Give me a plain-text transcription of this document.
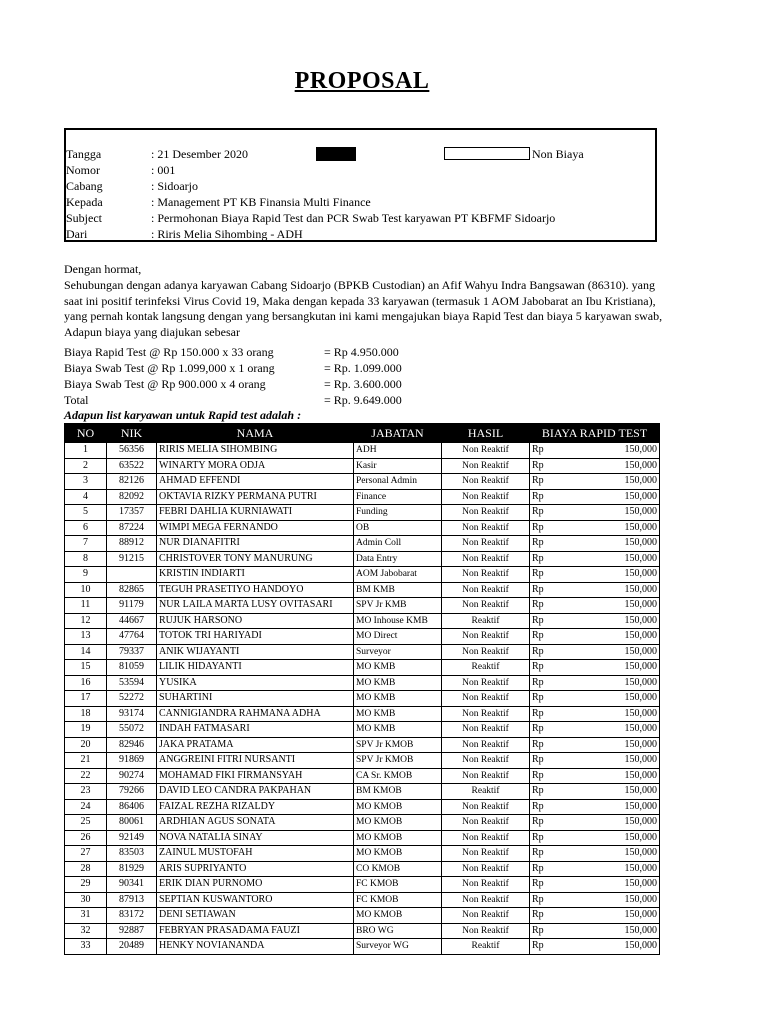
PROPOSAL
Tangga	: 21 Desember 2020	Non Biaya
Nomor	: 001
Cabang	: Sidoarjo
Kepada	: Management PT KB Finansia Multi Finance
Subject	: Permohonan Biaya Rapid Test dan PCR Swab Test karyawan PT KBFMF Sidoarjo
Dari	: Riris Melia Sihombing - ADH
Dengan hormat,
Sehubungan dengan adanya karyawan Cabang Sidoarjo (BPKB Custodian) an Afif Wahyu Indra Bangsawan (86310). yang saat ini positif terinfeksi Virus Covid 19, Maka dengan kepada 33 karyawan (termasuk 1 AOM Jabobarat an Ibu Kristiana), yang pernah kontak langsung dengan yang bersangkutan ini kami mengajukan biaya Rapid Test dan biaya 5 karyawan swab, Adapun biaya yang diajukan sebesar
Biaya Rapid Test @ Rp 150.000 x 33 orang	= Rp 4.950.000
Biaya Swab Test @ Rp 1.099,000 x 1 orang	= Rp. 1.099.000
Biaya Swab Test @ Rp 900.000 x 4 orang	= Rp. 3.600.000
Total	= Rp. 9.649.000
Adapun list karyawan untuk Rapid test adalah :
NO	NIK	NAMA	JABATAN	HASIL	BIAYA RAPID TEST	
1	56356	RIRIS MELIA SIHOMBING	ADH	Non Reaktif	Rp	150,000
2	63522	WINARTY MORA ODJA	Kasir	Non Reaktif	Rp	150,000
3	82126	AHMAD EFFENDI	Personal Admin	Non Reaktif	Rp	150,000
4	82092	OKTAVIA RIZKY PERMANA PUTRI	Finance	Non Reaktif	Rp	150,000
5	17357	FEBRI DAHLIA KURNIAWATI	Funding	Non Reaktif	Rp	150,000
6	87224	WIMPI MEGA FERNANDO	OB	Non Reaktif	Rp	150,000
7	88912	NUR DIANAFITRI	Admin Coll	Non Reaktif	Rp	150,000
8	91215	CHRISTOVER TONY MANURUNG	Data Entry	Non Reaktif	Rp	150,000
9		KRISTIN INDIARTI	AOM Jabobarat	Non Reaktif	Rp	150,000
10	82865	TEGUH PRASETIYO HANDOYO	BM KMB	Non Reaktif	Rp	150,000
11	91179	NUR LAILA MARTA LUSY OVITASARI	SPV Jr KMB	Non Reaktif	Rp	150,000
12	44667	RUJUK HARSONO	MO Inhouse KMB	Reaktif	Rp	150,000
13	47764	TOTOK TRI HARIYADI	MO Direct	Non Reaktif	Rp	150,000
14	79337	ANIK WIJAYANTI	Surveyor	Non Reaktif	Rp	150,000
15	81059	LILIK HIDAYANTI	MO KMB	Reaktif	Rp	150,000
16	53594	YUSIKA	MO KMB	Non Reaktif	Rp	150,000
17	52272	SUHARTINI	MO KMB	Non Reaktif	Rp	150,000
18	93174	CANNIGIANDRA RAHMANA ADHA	MO KMB	Non Reaktif	Rp	150,000
19	55072	INDAH FATMASARI	MO KMB	Non Reaktif	Rp	150,000
20	82946	JAKA PRATAMA	SPV Jr KMOB	Non Reaktif	Rp	150,000
21	91869	ANGGREINI FITRI NURSANTI	SPV Jr KMOB	Non Reaktif	Rp	150,000
22	90274	MOHAMAD FIKI FIRMANSYAH	CA Sr. KMOB	Non Reaktif	Rp	150,000
23	79266	DAVID LEO CANDRA PAKPAHAN	BM KMOB	Reaktif	Rp	150,000
24	86406	FAIZAL REZHA RIZALDY	MO KMOB	Non Reaktif	Rp	150,000
25	80061	ARDHIAN AGUS SONATA	MO KMOB	Non Reaktif	Rp	150,000
26	92149	NOVA NATALIA SINAY	MO KMOB	Non Reaktif	Rp	150,000
27	83503	ZAINUL MUSTOFAH	MO KMOB	Non Reaktif	Rp	150,000
28	81929	ARIS SUPRIYANTO	CO KMOB	Non Reaktif	Rp	150,000
29	90341	ERIK DIAN PURNOMO	FC KMOB	Non Reaktif	Rp	150,000
30	87913	SEPTIAN KUSWANTORO	FC KMOB	Non Reaktif	Rp	150,000
31	83172	DENI SETIAWAN	MO KMOB	Non Reaktif	Rp	150,000
32	92887	FEBRYAN PRASADAMA FAUZI	BRO WG	Non Reaktif	Rp	150,000
33	20489	HENKY NOVIANANDA	Surveyor WG	Reaktif	Rp	150,000
